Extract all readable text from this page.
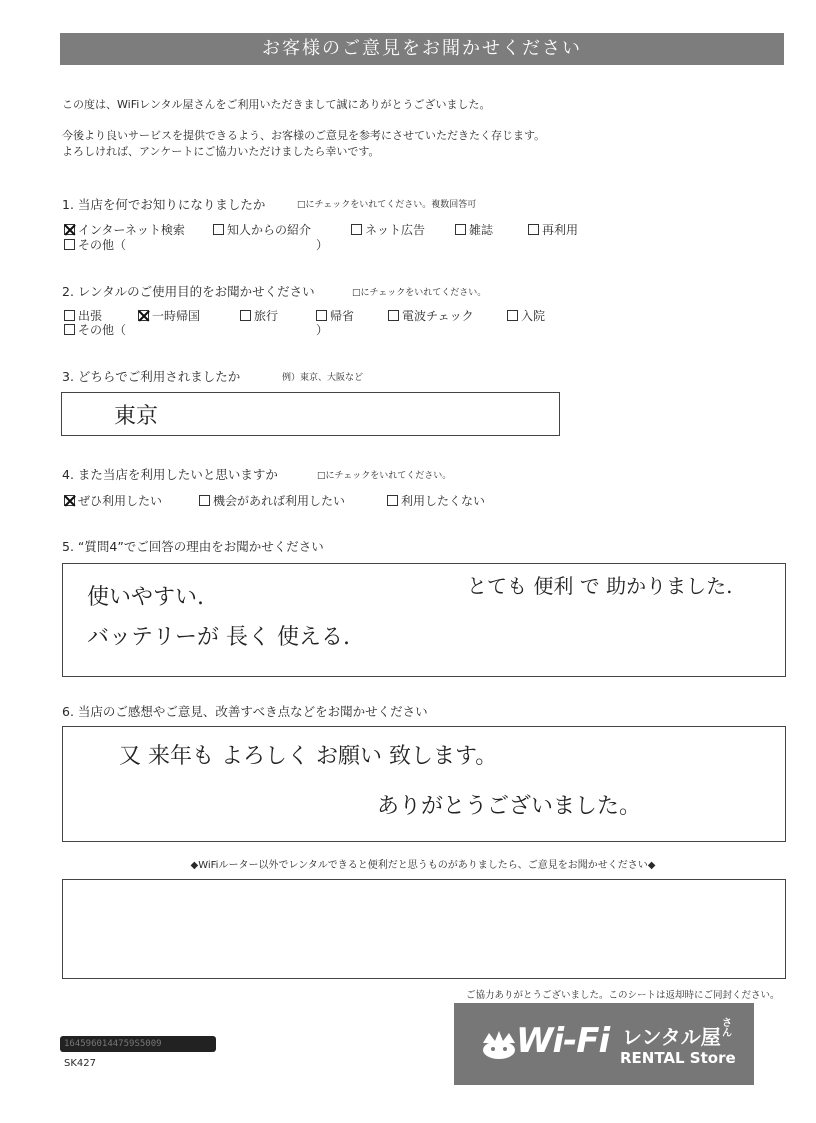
お客様のご意見をお聞かせください
この度は、WiFiレンタル屋さんをご利用いただきまして誠にありがとうございました。
今後より良いサービスを提供できるよう、お客様のご意見を参考にさせていただきたく存じます。
よろしければ、アンケートにご協力いただけましたら幸いです。
1. 当店を何でお知りになりましたか	□にチェックをいれてください。複数回答可
インターネット検索	知人からの紹介	ネット広告	雑誌	再利用
その他（	）
2. レンタルのご使用目的をお聞かせください	□にチェックをいれてください。
出張	一時帰国	旅行	帰省	電波チェック	入院
その他（	）
3. どちらでご利用されましたか	例）東京、大阪など
東京
4. また当店を利用したいと思いますか	□にチェックをいれてください。
ぜひ利用したい	機会があれば利用したい	利用したくない
5. “質問4”でご回答の理由をお聞かせください
使いやすい.
バッテリーが 長く 使える.
とても 便利 で 助かりました.
6. 当店のご感想やご意見、改善すべき点などをお聞かせください
又 来年も よろしく お願い 致します。
ありがとうございました。
◆WiFiルーター以外でレンタルできると便利だと思うものがありましたら、ご意見をお聞かせください◆
ご協力ありがとうございました。このシートは返却時にご同封ください。
1645960144759S5009
SK427
Wi-Fi レンタル屋
さん
RENTAL Store
